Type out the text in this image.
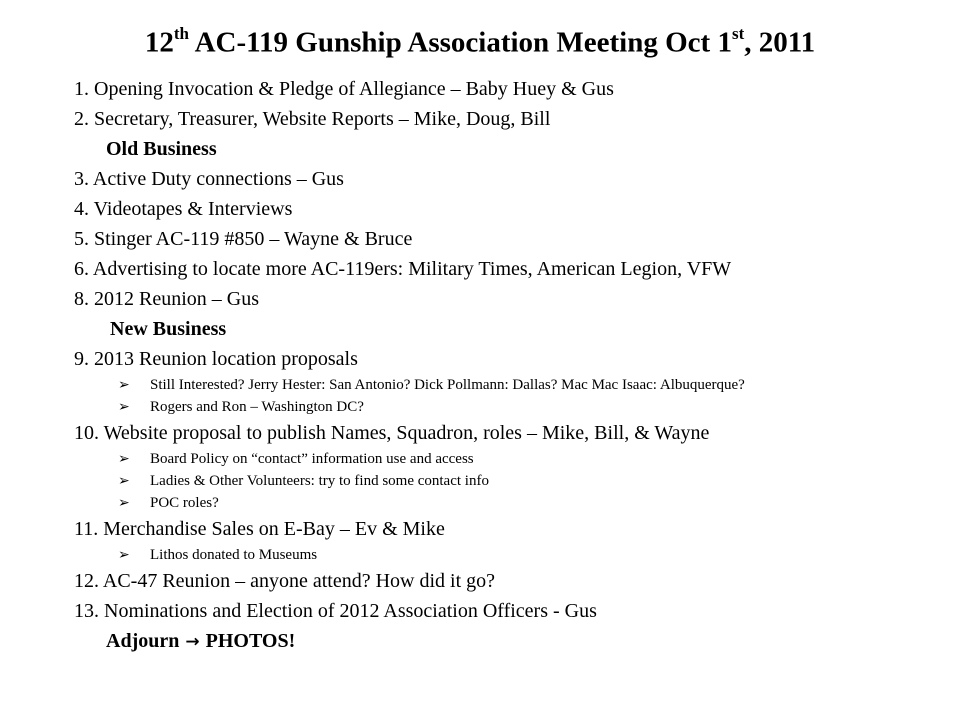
12th AC-119 Gunship Association Meeting Oct 1st, 2011
1. Opening Invocation & Pledge of Allegiance – Baby Huey & Gus
2. Secretary, Treasurer, Website Reports – Mike, Doug, Bill
Old Business
3. Active Duty connections – Gus
4. Videotapes & Interviews
5. Stinger AC-119 #850 – Wayne & Bruce
6. Advertising to locate more AC-119ers: Military Times, American Legion, VFW
8. 2012 Reunion – Gus
New Business
9. 2013 Reunion location proposals
➢ Still Interested? Jerry Hester: San Antonio? Dick Pollmann: Dallas? Mac Mac Isaac: Albuquerque?
➢ Rogers and Ron – Washington DC?
10. Website proposal to publish Names, Squadron, roles – Mike, Bill, & Wayne
➢ Board Policy on “contact” information use and access
➢ Ladies & Other Volunteers: try to find some contact info
➢ POC roles?
11. Merchandise Sales on E-Bay – Ev & Mike
➢ Lithos donated to Museums
12. AC-47 Reunion – anyone attend? How did it go?
13. Nominations and Election of 2012 Association Officers - Gus
Adjourn → PHOTOS!
